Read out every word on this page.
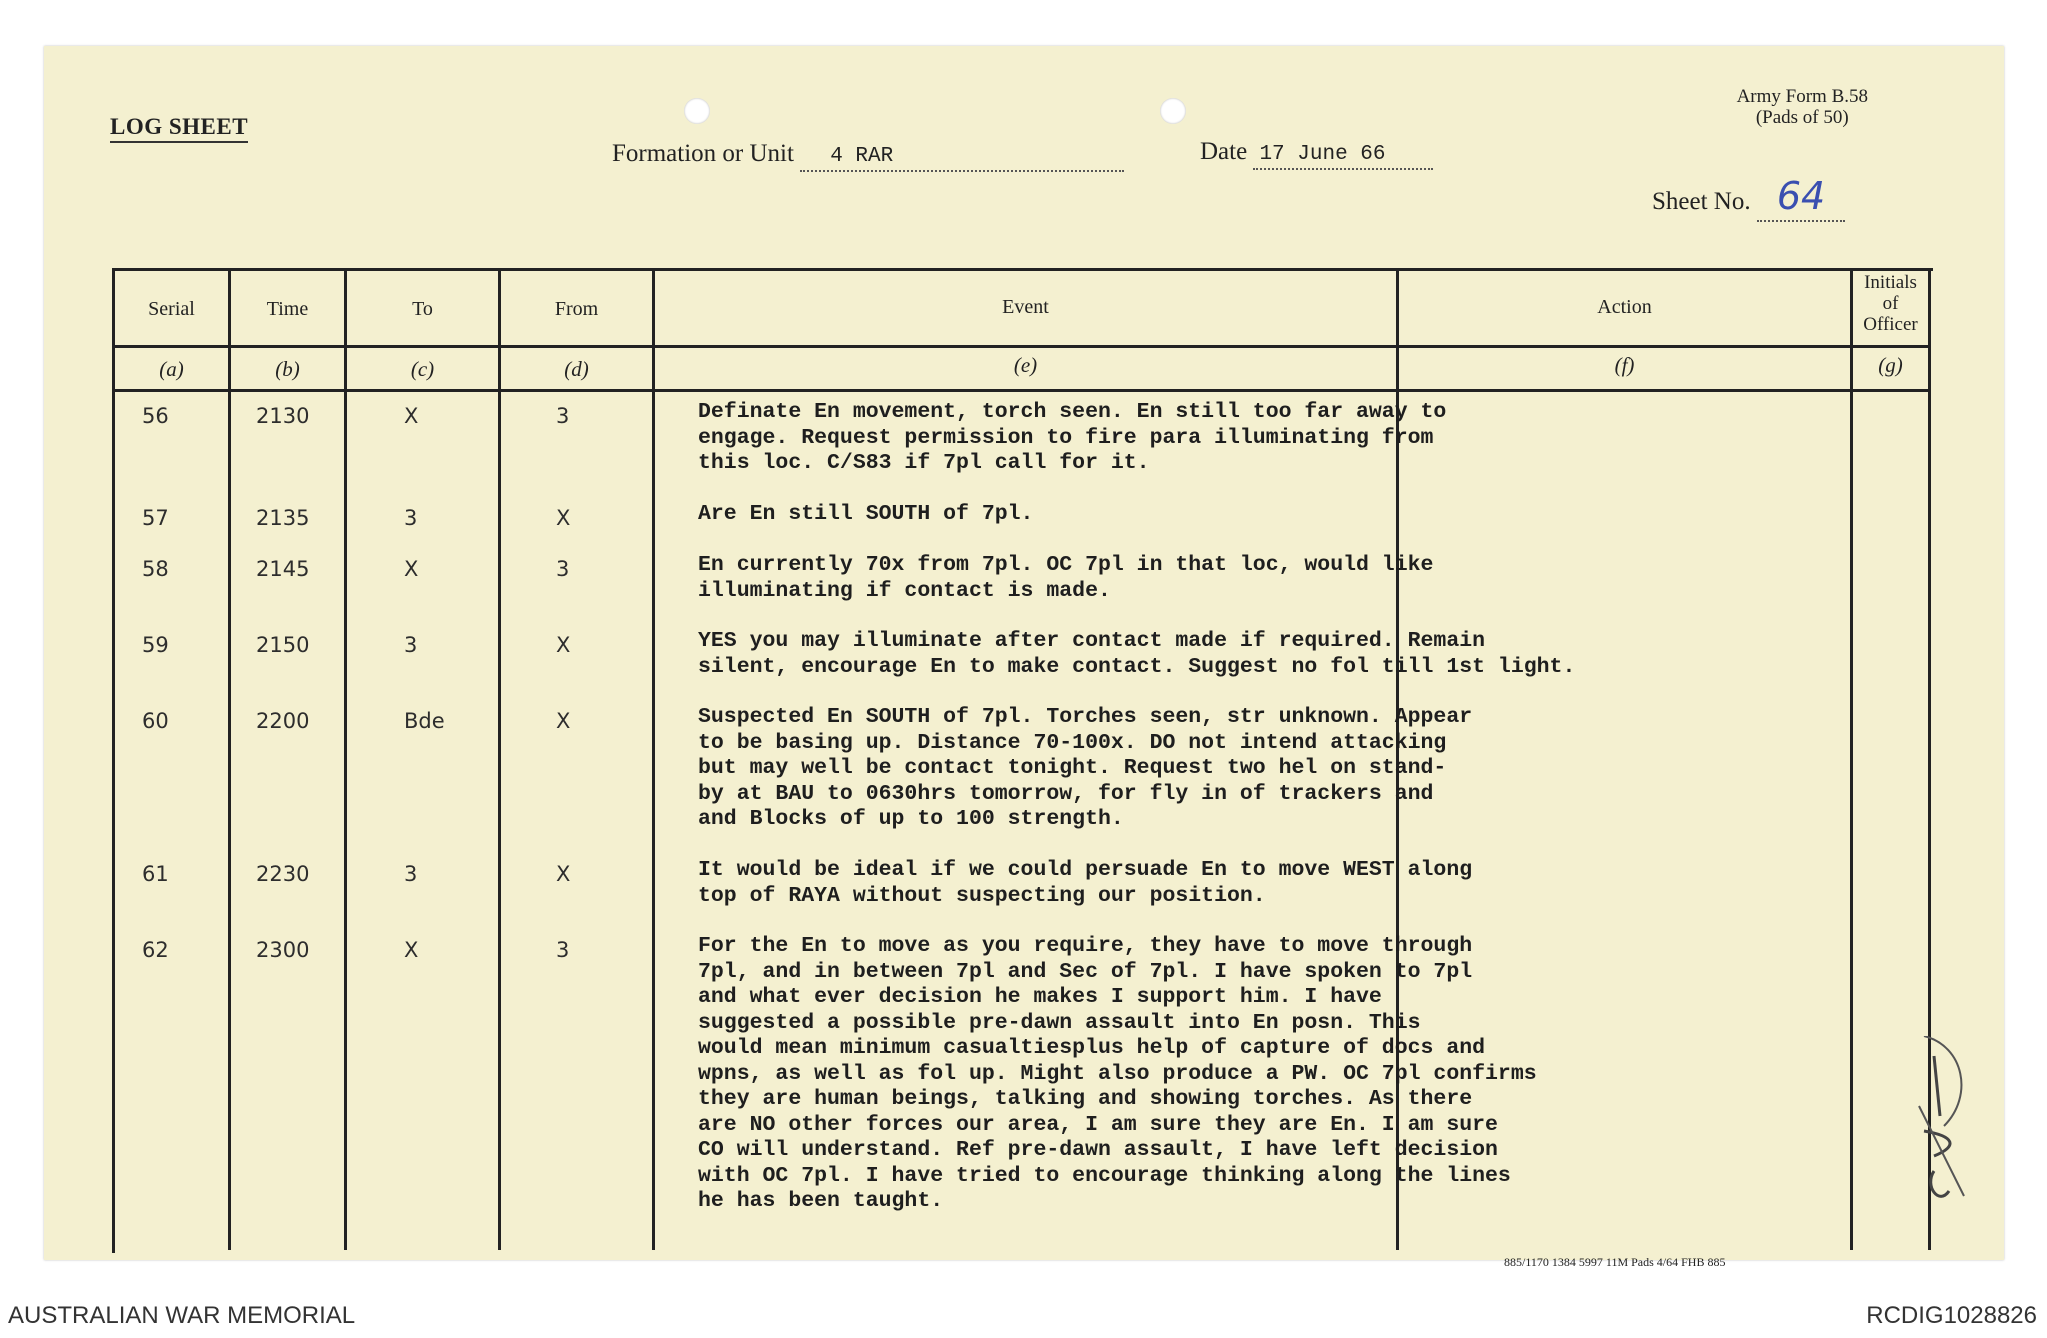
LOG SHEET
Army Form B.58
(Pads of 50)
Formation or Unit 4 RAR	Date 17 June 66
Sheet No. 64
Serial	Time	To	From	Event	Action
Initials
of
Officer
(a)	(b)	(c)	(d)	(e)	(f)	(g)
56	2130	X	3	Definate En movement, torch seen. En still too far away to
engage. Request permission to fire para illuminating from
this loc. C/S83 if 7pl call for it.
57	2135	3	X	Are En still SOUTH of 7pl.
58	2145	X	3	En currently 70x from 7pl. OC 7pl in that loc, would like
illuminating if contact is made.
59	2150	3	X	YES you may illuminate after contact made if required. Remain
silent, encourage En to make contact. Suggest no fol till 1st light.
60	2200	Bde	X	Suspected En SOUTH of 7pl. Torches seen, str unknown. Appear
to be basing up. Distance 70-100x. DO not intend attacking
but may well be contact tonight. Request two hel on stand-
by at BAU to 0630hrs tomorrow, for fly in of trackers and
and Blocks of up to 100 strength.
61	2230	3	X	It would be ideal if we could persuade En to move WEST along
top of RAYA without suspecting our position.
62	2300	X	3	For the En to move as you require, they have to move through
7pl, and in between 7pl and Sec of 7pl. I have spoken to 7pl
and what ever decision he makes I support him. I have
suggested a possible pre-dawn assault into En posn. This
would mean minimum casualtiesplus help of capture of docs and
wpns, as well as fol up. Might also produce a PW. OC 7pl confirms
they are human beings, talking and showing torches. As there
are NO other forces our area, I am sure they are En. I am sure
CO will understand. Ref pre-dawn assault, I have left decision
with OC 7pl. I have tried to encourage thinking along the lines
he has been taught.
885/1170 1384 5997 11M Pads 4/64 FHB 885
AUSTRALIAN WAR MEMORIAL	RCDIG1028826
